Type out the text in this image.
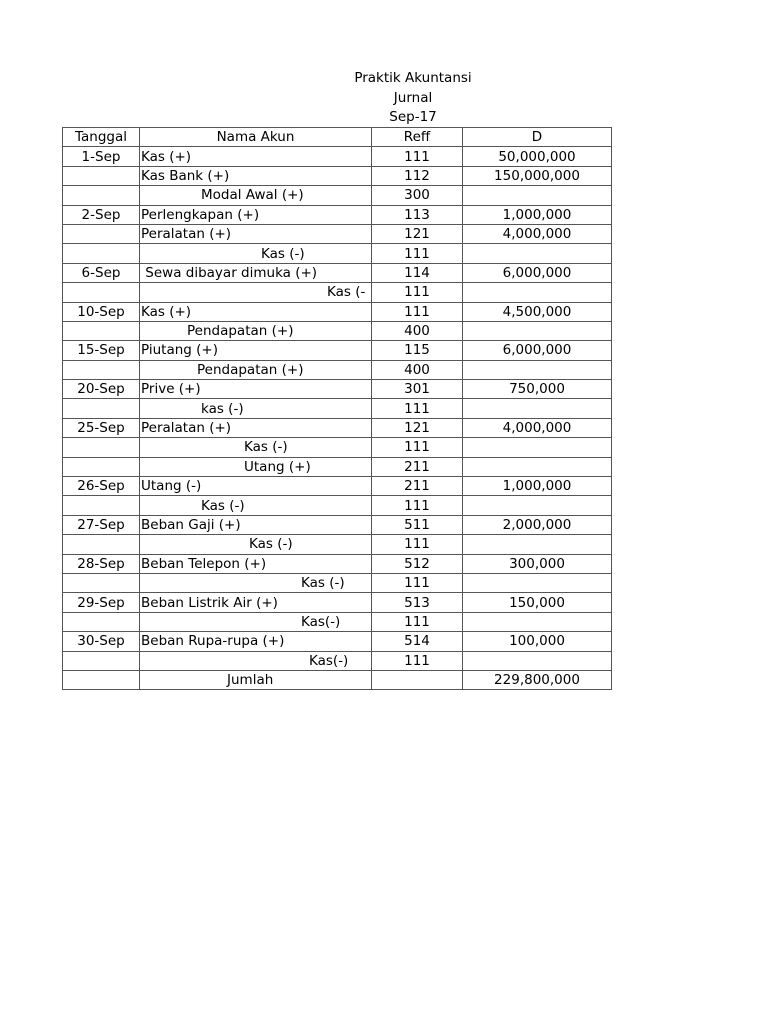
Praktik Akuntansi
Jurnal
Sep-17
Tanggal	Nama Akun	Reff	D
1-Sep	Kas (+)	111	50,000,000
	Kas Bank (+)	112	150,000,000
	Modal Awal (+)	300	
2-Sep	Perlengkapan (+)	113	1,000,000
	Peralatan (+)	121	4,000,000
	Kas (-)	111	
6-Sep	Sewa dibayar dimuka (+)	114	6,000,000
	Kas (-	111	
10-Sep	Kas (+)	111	4,500,000
	Pendapatan (+)	400	
15-Sep	Piutang (+)	115	6,000,000
	Pendapatan (+)	400	
20-Sep	Prive (+)	301	750,000
	kas (-)	111	
25-Sep	Peralatan (+)	121	4,000,000
	Kas (-)	111	
	Utang (+)	211	
26-Sep	Utang (-)	211	1,000,000
	Kas (-)	111	
27-Sep	Beban Gaji (+)	511	2,000,000
	Kas (-)	111	
28-Sep	Beban Telepon (+)	512	300,000
	Kas (-)	111	
29-Sep	Beban Listrik Air (+)	513	150,000
	Kas(-)	111	
30-Sep	Beban Rupa-rupa (+)	514	100,000
	Kas(-)	111	
	Jumlah		229,800,000
